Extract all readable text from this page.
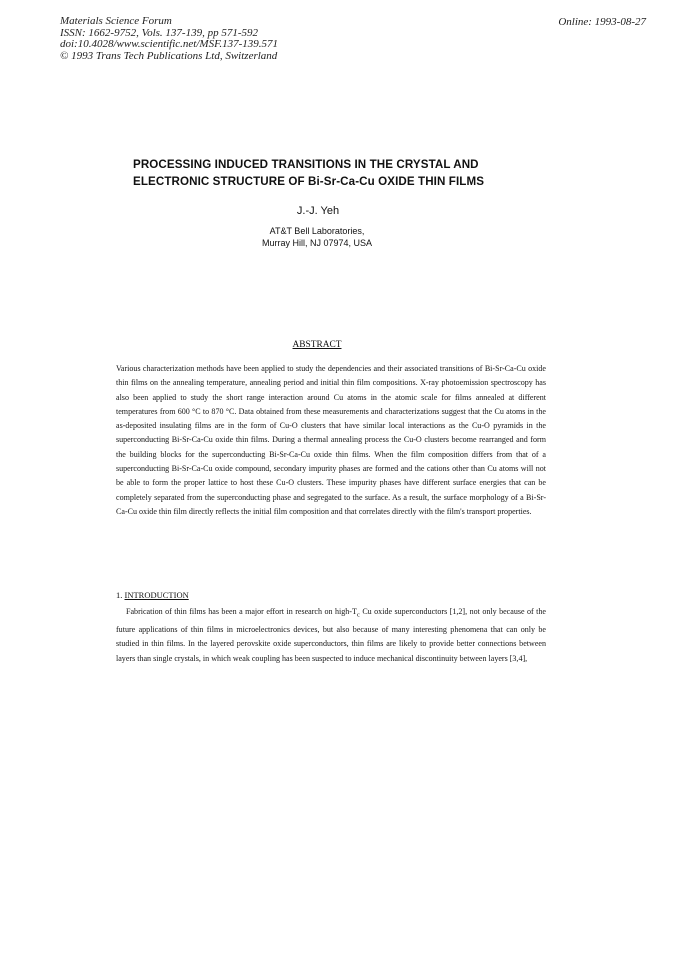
Materials Science Forum
ISSN: 1662-9752, Vols. 137-139, pp 571-592
doi:10.4028/www.scientific.net/MSF.137-139.571
© 1993 Trans Tech Publications Ltd, Switzerland
Online: 1993-08-27
PROCESSING INDUCED TRANSITIONS IN THE CRYSTAL AND
ELECTRONIC STRUCTURE OF Bi-Sr-Ca-Cu OXIDE THIN FILMS
J.-J. Yeh
AT&T Bell Laboratories,
Murray Hill, NJ 07974, USA
ABSTRACT
Various characterization methods have been applied to study the dependencies and their associated transitions of Bi-Sr-Ca-Cu oxide thin films on the annealing temperature, annealing period and initial thin film compositions. X-ray photoemission spectroscopy has also been applied to study the short range interaction around Cu atoms in the atomic scale for films annealed at different temperatures from 600 °C to 870 °C. Data obtained from these measurements and characterizations suggest that the Cu atoms in the as-deposited insulating films are in the form of Cu-O clusters that have similar local interactions as the Cu-O pyramids in the superconducting Bi-Sr-Ca-Cu oxide thin films. During a thermal annealing process the Cu-O clusters become rearranged and form the building blocks for the superconducting Bi-Sr-Ca-Cu oxide thin films. When the film composition differs from that of a superconducting Bi-Sr-Ca-Cu oxide compound, secondary impurity phases are formed and the cations other than Cu atoms will not be able to form the proper lattice to host these Cu-O clusters. These impurity phases have different surface energies that can be completely separated from the superconducting phase and segregated to the surface. As a result, the surface morphology of a Bi-Sr-Ca-Cu oxide thin film directly reflects the initial film composition and that correlates directly with the film's transport properties.
1. INTRODUCTION
Fabrication of thin films has been a major effort in research on high-$T_c$ Cu oxide superconductors [1,2], not only because of the future applications of thin films in microelectronics devices, but also because of many interesting phenomena that can only be studied in thin films. In the layered perovskite oxide superconductors, thin films are likely to provide better connections between layers than single crystals, in which weak coupling has been suspected to induce mechanical discontinuity between layers [3,4],
